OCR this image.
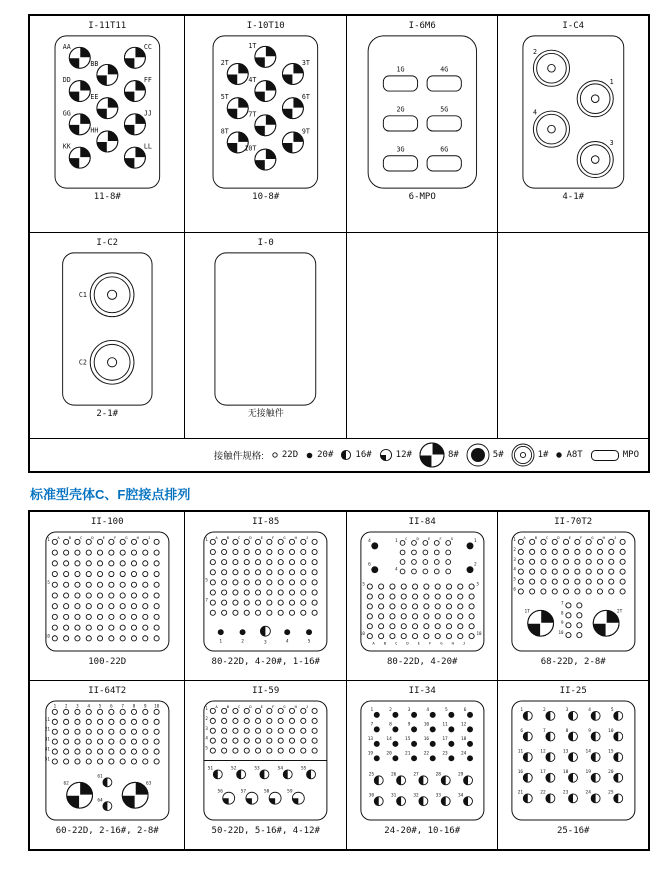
I-11T11
AA	CC
BB
DD	FF
EE
GG	JJ
HH
KK	LL
11-8#
I-10T10
1T
2T	3T
4T
5T	6T
7T
8T	9T
10T
10-8#
I-6M6
1G	4G
2G	5G
3G	6G
6-MPO
I-C4
2
1
4
3
4-1#
I-C2
C1
C2
2-1#
I-0
无接触件
接触件规格: 22D 20# 16#	12#	8#	5#	1# A8T	MPO
标准型壳体C、F腔接点排列
II-100
A B C D E F G H J
1
5
10
100-22D
II-85
A B C D E F G H J
1
5
7
1	2	3	4	5
80-22D, 4-20#, 1-16#
II-84
C D E F G
1
4
5
10
5
10
A B C D E F G H J
4	1
6	2
80-22D, 4-20#
II-70T2
A B C D E F G H J
1
2
3
4
5
6
7
8
9
10
1T	2T
68-22D, 2-8#
II-64T2
1 2 3 4 5 6 7 8 9 10
11
21
31
41
51
61
62	63
64
60-22D, 2-16#, 2-8#
II-59
A B C D E F G H J
1
2
3
4
5
51	52	53	54	55
56	57	58	59
50-22D, 5-16#, 4-12#
II-34
1	2	3	4	5	6
7	8	9	10	11	12
13	14	15	16	17	18
19	20	21	22	23	24
25	26	27	28	29
30	31	32	33	34
24-20#, 10-16#
II-25
1	2	3	4	5
6	7	8	9	10
11	12	13	14	15
16	17	18	19	20
21	22	23	24	25
25-16#
